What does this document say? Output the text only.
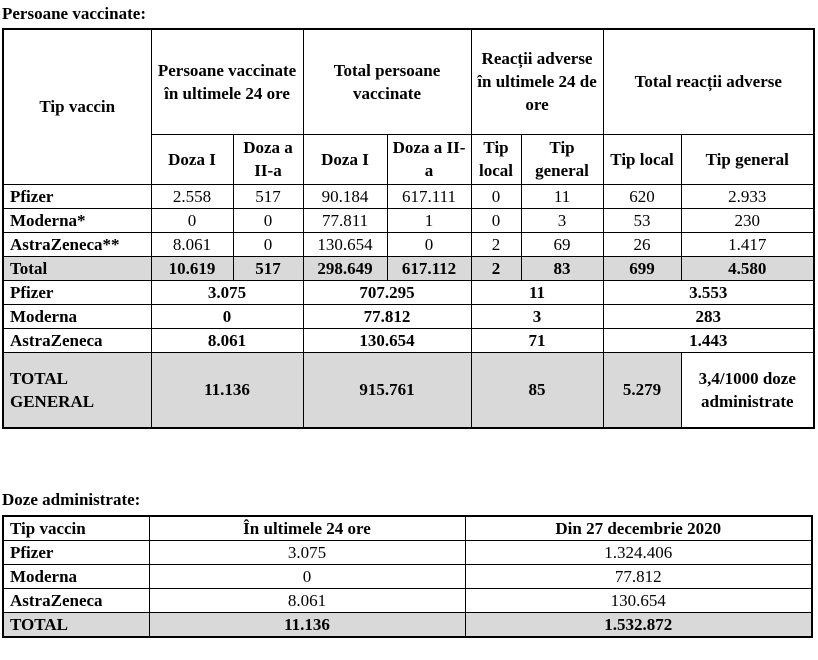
Persoane vaccinate:
Tip vaccin	Persoane vaccinate în ultimele 24 ore		Total persoane vaccinate		Reacții adverse în ultimele 24 de ore		Total reacții adverse	
	Doza I	Doza a II-a	Doza I	Doza a II-a	Tip local	Tip general	Tip local	Tip general
Pfizer	2.558	517	90.184	617.111	0	11	620	2.933
Moderna*	0	0	77.811	1	0	3	53	230
AstraZeneca**	8.061	0	130.654	0	2	69	26	1.417
Total	10.619	517	298.649	617.112	2	83	699	4.580
Pfizer	3.075		707.295		11		3.553	
Moderna	0		77.812		3		283	
AstraZeneca	8.061		130.654		71		1.443	
TOTAL GENERAL	11.136		915.761		85		5.279	3,4/1000 doze administrate
Doze administrate:
Tip vaccin	În ultimele 24 ore	Din 27 decembrie 2020
Pfizer	3.075	1.324.406
Moderna	0	77.812
AstraZeneca	8.061	130.654
TOTAL	11.136	1.532.872
